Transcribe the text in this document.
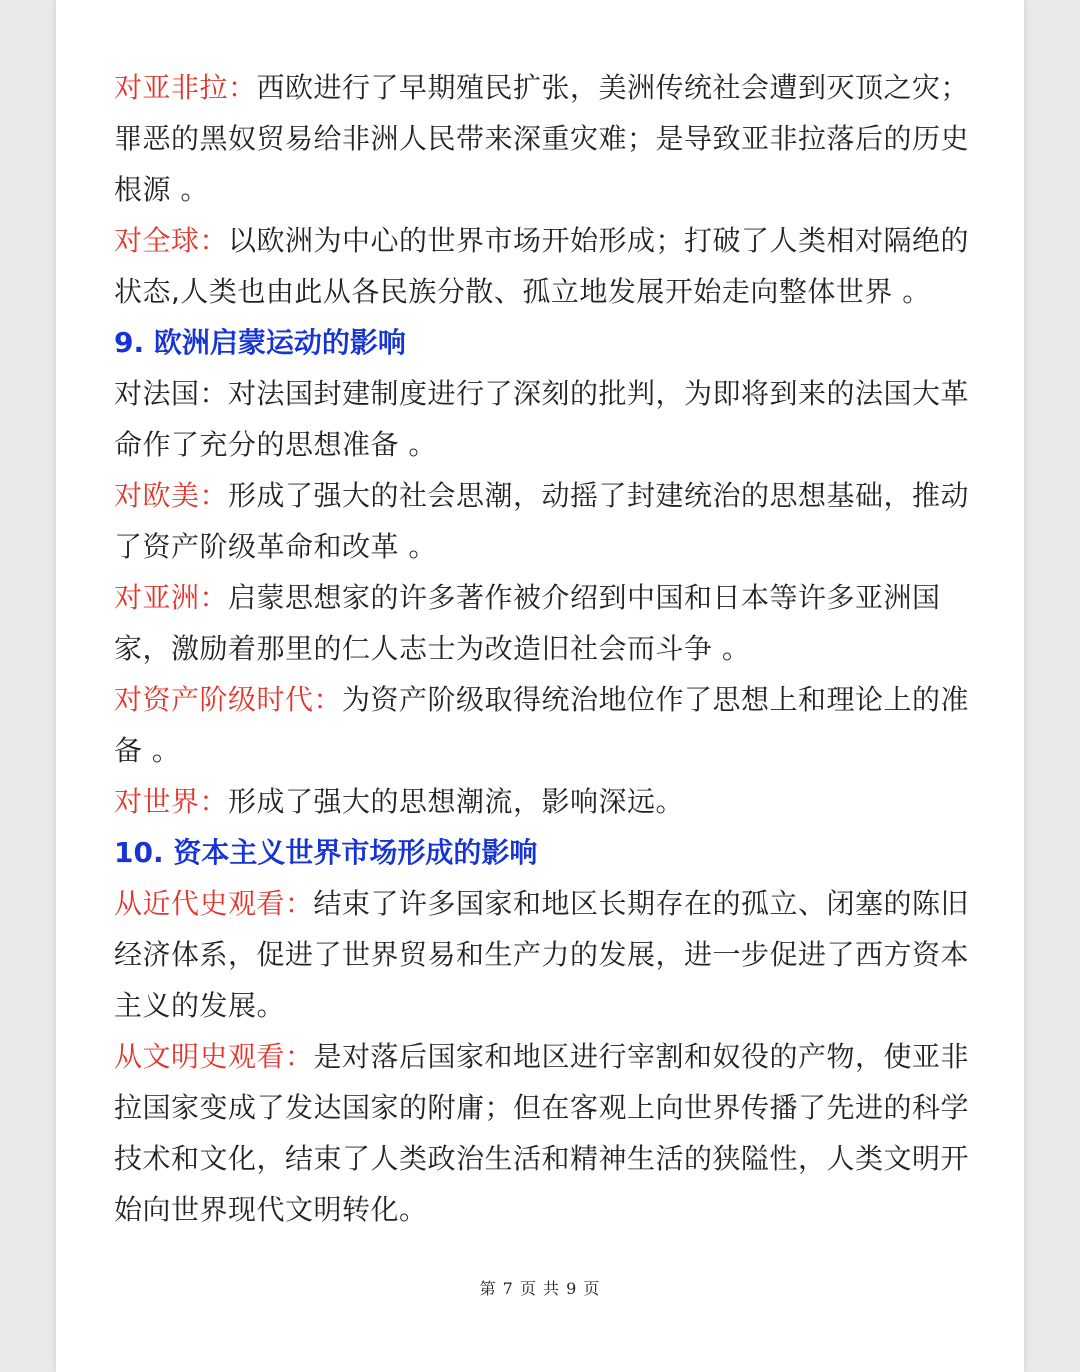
对亚非拉：西欧进行了早期殖民扩张，美洲传统社会遭到灭顶之灾；罪恶的黑奴贸易给非洲人民带来深重灾难；是导致亚非拉落后的历史根源 。

对全球：以欧洲为中心的世界市场开始形成；打破了人类相对隔绝的状态,人类也由此从各民族分散、孤立地发展开始走向整体世界 。

9. 欧洲启蒙运动的影响

对法国：对法国封建制度进行了深刻的批判，为即将到来的法国大革命作了充分的思想准备 。

对欧美：形成了强大的社会思潮，动摇了封建统治的思想基础，推动了资产阶级革命和改革 。

对亚洲：启蒙思想家的许多著作被介绍到中国和日本等许多亚洲国家，激励着那里的仁人志士为改造旧社会而斗争 。

对资产阶级时代：为资产阶级取得统治地位作了思想上和理论上的准备 。

对世界：形成了强大的思想潮流，影响深远。

10. 资本主义世界市场形成的影响

从近代史观看：结束了许多国家和地区长期存在的孤立、闭塞的陈旧经济体系，促进了世界贸易和生产力的发展，进一步促进了西方资本主义的发展。

从文明史观看：是对落后国家和地区进行宰割和奴役的产物，使亚非拉国家变成了发达国家的附庸；但在客观上向世界传播了先进的科学技术和文化，结束了人类政治生活和精神生活的狭隘性，人类文明开始向世界现代文明转化。

第 7 页 共 9 页
